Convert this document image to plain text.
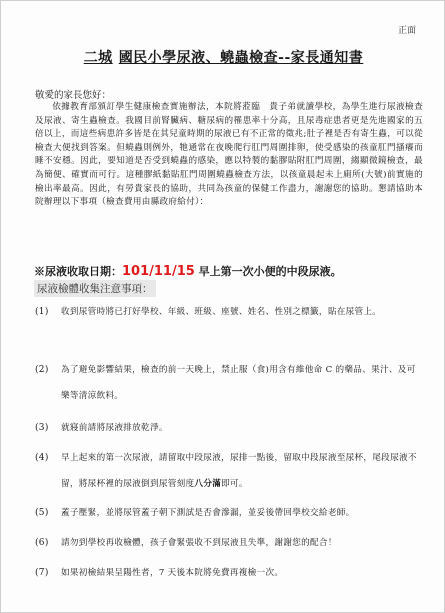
正面
二城 國民小學尿液、蟯蟲檢查--家長通知書
敬愛的家長您好：
依據教育部頒訂學生健康檢查實施辦法，本院將蒞臨　貴子弟就讀學校，為學生進行尿液檢查及尿液、寄生蟲檢查。我國目前腎臟病、糖尿病的罹患率十分高，且尿毒症患者更是先進國家的五倍以上，而這些病患許多皆是在其兒童時期的尿液已有不正常的徵兆;肚子裡是否有寄生蟲，可以從檢查大便找到答案。但蟯蟲則例外，牠通常在夜晚爬行肛門周圍排卵，使受感染的孩童肛門搔癢而睡不安穩。因此，要知道是否受到蟯蟲的感染，應以特製的黏膠貼附肛門周圍，縐顯微鏡檢查，最為簡便、確實而可行。這種膠紙黏貼肛門周圍蟯蟲檢查方法，以孩童晨起未上廁所(大號)前實施的檢出率最高。因此，有勞貴家長的協助，共同為孩童的保健工作盡力，謝謝您的協助。懇請協助本院辦理以下事項（檢查費用由縣政府給付）：
※尿液收取日期：101/11/15 早上第一次小便的中段尿液。
尿液檢體收集注意事項：
(1) 收到尿管時將已打好學校、年級、班級、座號、姓名、性別之標籤，貼在尿管上。
(2) 為了避免影響結果，檢查的前一天晚上，禁止服（食)用含有維他命 C 的藥品、果汁、及可樂等清涼飲料。
(3) 就寢前請將尿液排放乾淨。
(4) 早上起來的第一次尿液，請留取中段尿液，尿排一點後，留取中段尿液至尿杯，尾段尿液不留，將尿杯裡的尿液倒到尿管刻度八分滿即可。
(5) 蓋子壓緊，並將尿管蓋子朝下測試是否會滲漏，並妥後帶回學校交給老師。
(6) 請勿到學校再收檢體，孩子會緊張收不到尿液且失準，謝謝您的配合！
(7) 如果初檢結果呈陽性者，7 天後本院將免費再複檢一次。
